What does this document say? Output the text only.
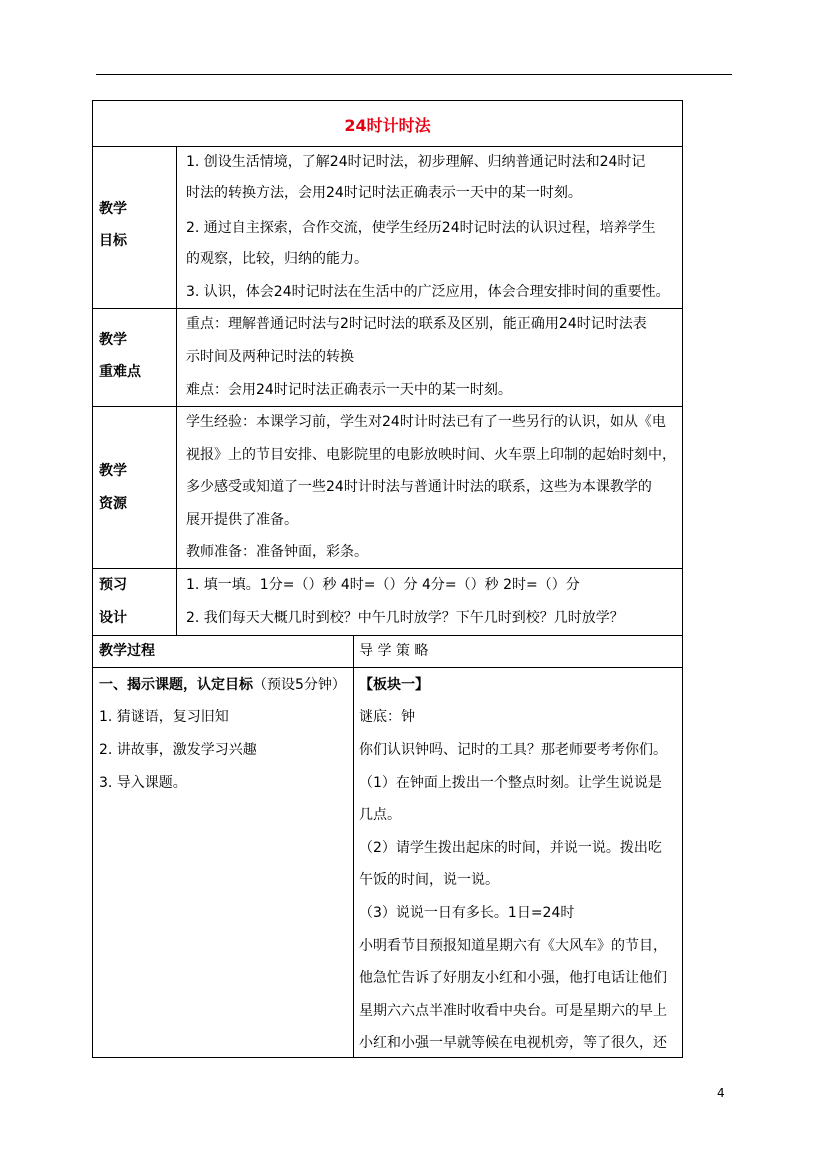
24时计时法
教学
目标
1. 创设生活情境，了解24时记时法，初步理解、归纳普通记时法和24时记
时法的转换方法，会用24时记时法正确表示一天中的某一时刻。
2. 通过自主探索，合作交流，使学生经历24时记时法的认识过程，培养学生
的观察，比较，归纳的能力。
3. 认识，体会24时记时法在生活中的广泛应用，体会合理安排时间的重要性。
教学
重难点
重点：理解普通记时法与2时记时法的联系及区别，能正确用24时记时法表
示时间及两种记时法的转换
难点：会用24时记时法正确表示一天中的某一时刻。
教学
资源
学生经验：本课学习前，学生对24时计时法已有了一些另行的认识，如从《电
视报》上的节目安排、电影院里的电影放映时间、火车票上印制的起始时刻中，
多少感受或知道了一些24时计时法与普通计时法的联系，这些为本课教学的
展开提供了准备。
教师准备：准备钟面，彩条。
预习
设计
1. 填一填。1分=（）秒 4时=（）分 4分=（）秒 2时=（）分
2. 我们每天大概几时到校？中午几时放学？下午几时到校？几时放学？
教学过程	导 学 策 略
一、揭示课题，认定目标（预设5分钟）
1. 猜谜语，复习旧知
2. 讲故事，激发学习兴趣
3. 导入课题。
【板块一】
谜底：钟
你们认识钟吗、记时的工具？那老师要考考你们。
（1）在钟面上拨出一个整点时刻。让学生说说是
几点。
（2）请学生拨出起床的时间，并说一说。拨出吃
午饭的时间，说一说。
（3）说说一日有多长。1日=24时
小明看节目预报知道星期六有《大风车》的节目，
他急忙告诉了好朋友小红和小强，他打电话让他们
星期六六点半准时收看中央台。可是星期六的早上
小红和小强一早就等候在电视机旁，等了很久，还
4
